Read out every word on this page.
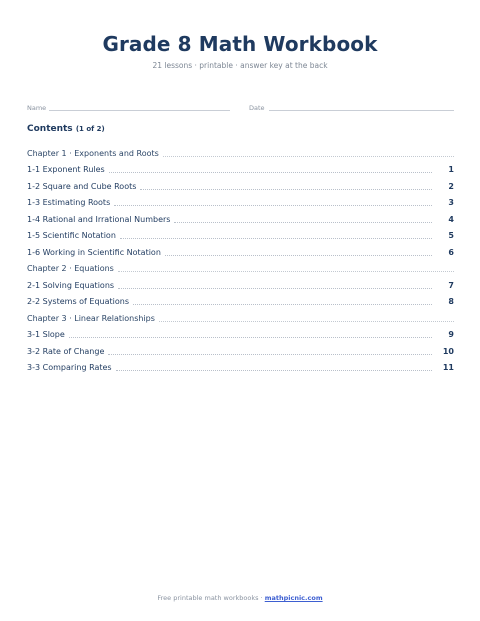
Grade 8 Math Workbook
21 lessons · printable · answer key at the back
Name	Date
Contents (1 of 2)
Chapter 1 · Exponents and Roots
1-1 Exponent Rules	1
1-2 Square and Cube Roots	2
1-3 Estimating Roots	3
1-4 Rational and Irrational Numbers	4
1-5 Scientific Notation	5
1-6 Working in Scientific Notation	6
Chapter 2 · Equations
2-1 Solving Equations	7
2-2 Systems of Equations	8
Chapter 3 · Linear Relationships
3-1 Slope	9
3-2 Rate of Change	10
3-3 Comparing Rates	11
Free printable math workbooks · mathpicnic.com
